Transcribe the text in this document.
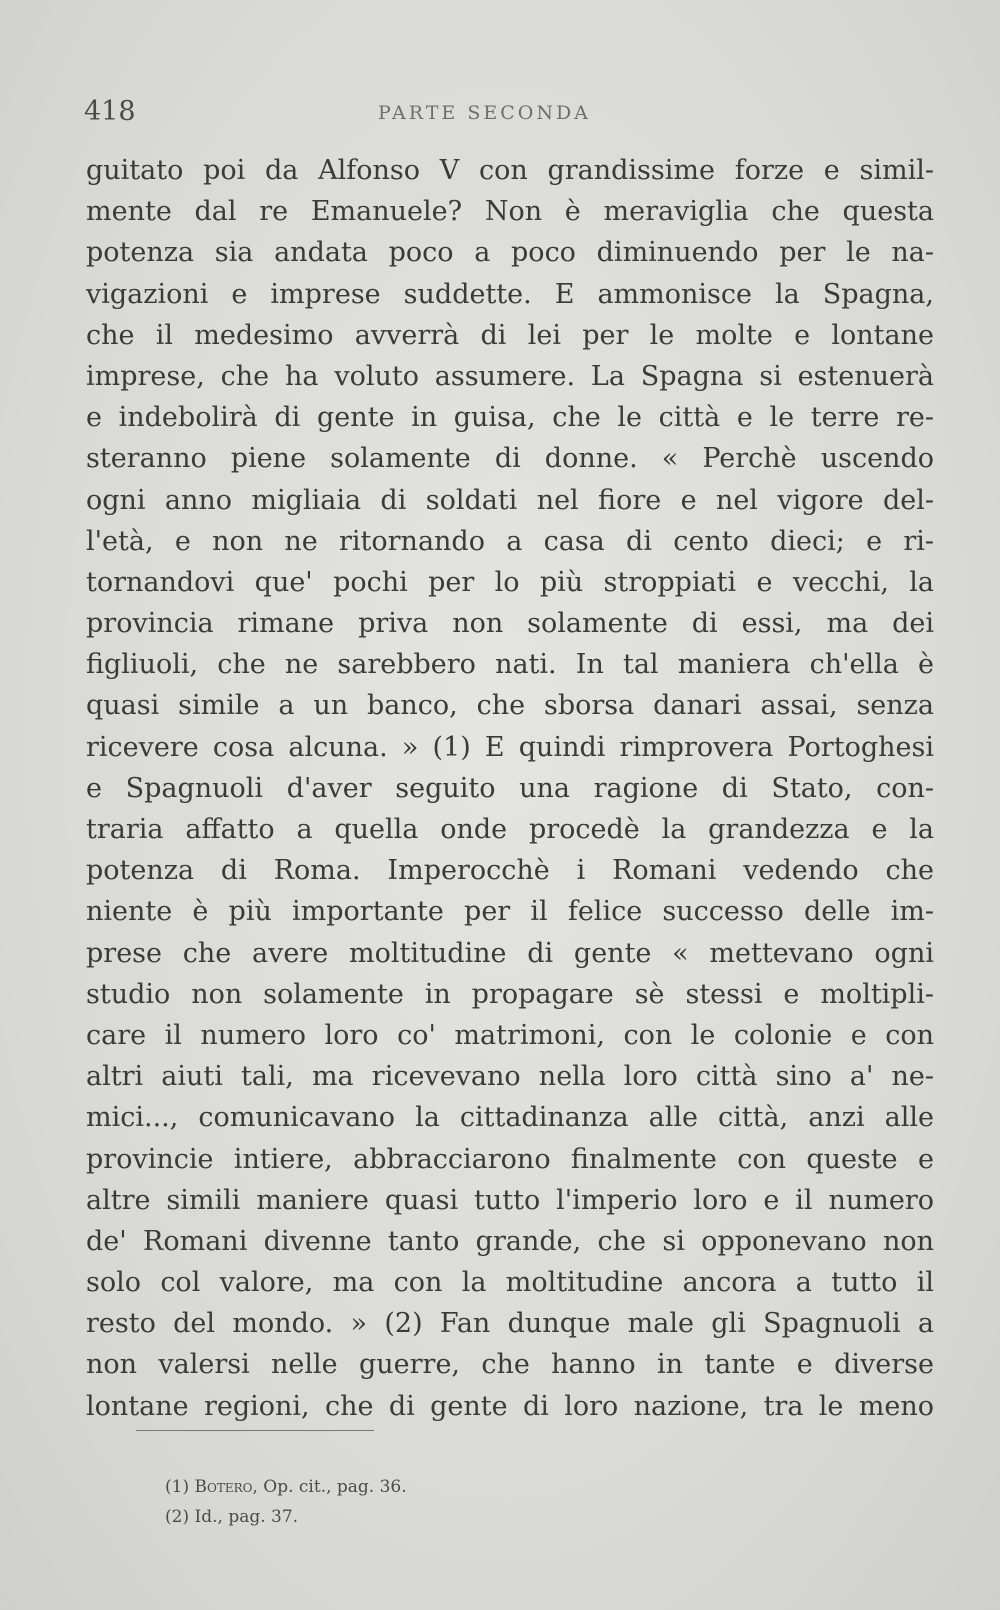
418	PARTE SECONDA
guitato poi da Alfonso V con grandissime forze e simil-
mente dal re Emanuele? Non è meraviglia che questa
potenza sia andata poco a poco diminuendo per le na-
vigazioni e imprese suddette. E ammonisce la Spagna,
che il medesimo avverrà di lei per le molte e lontane
imprese, che ha voluto assumere. La Spagna si estenuerà
e indebolirà di gente in guisa, che le città e le terre re-
steranno piene solamente di donne. « Perchè uscendo
ogni anno migliaia di soldati nel fiore e nel vigore del-
l'età, e non ne ritornando a casa di cento dieci; e ri-
tornandovi que' pochi per lo più stroppiati e vecchi, la
provincia rimane priva non solamente di essi, ma dei
figliuoli, che ne sarebbero nati. In tal maniera ch'ella è
quasi simile a un banco, che sborsa danari assai, senza
ricevere cosa alcuna. » (1) E quindi rimprovera Portoghesi
e Spagnuoli d'aver seguito una ragione di Stato, con-
traria affatto a quella onde procedè la grandezza e la
potenza di Roma. Imperocchè i Romani vedendo che
niente è più importante per il felice successo delle im-
prese che avere moltitudine di gente « mettevano ogni
studio non solamente in propagare sè stessi e moltipli-
care il numero loro co' matrimoni, con le colonie e con
altri aiuti tali, ma ricevevano nella loro città sino a' ne-
mici..., comunicavano la cittadinanza alle città, anzi alle
provincie intiere, abbracciarono finalmente con queste e
altre simili maniere quasi tutto l'imperio loro e il numero
de' Romani divenne tanto grande, che si opponevano non
solo col valore, ma con la moltitudine ancora a tutto il
resto del mondo. » (2) Fan dunque male gli Spagnuoli a
non valersi nelle guerre, che hanno in tante e diverse
lontane regioni, che di gente di loro nazione, tra le meno
(1) Botero, Op. cit., pag. 36.
(2) Id., pag. 37.
